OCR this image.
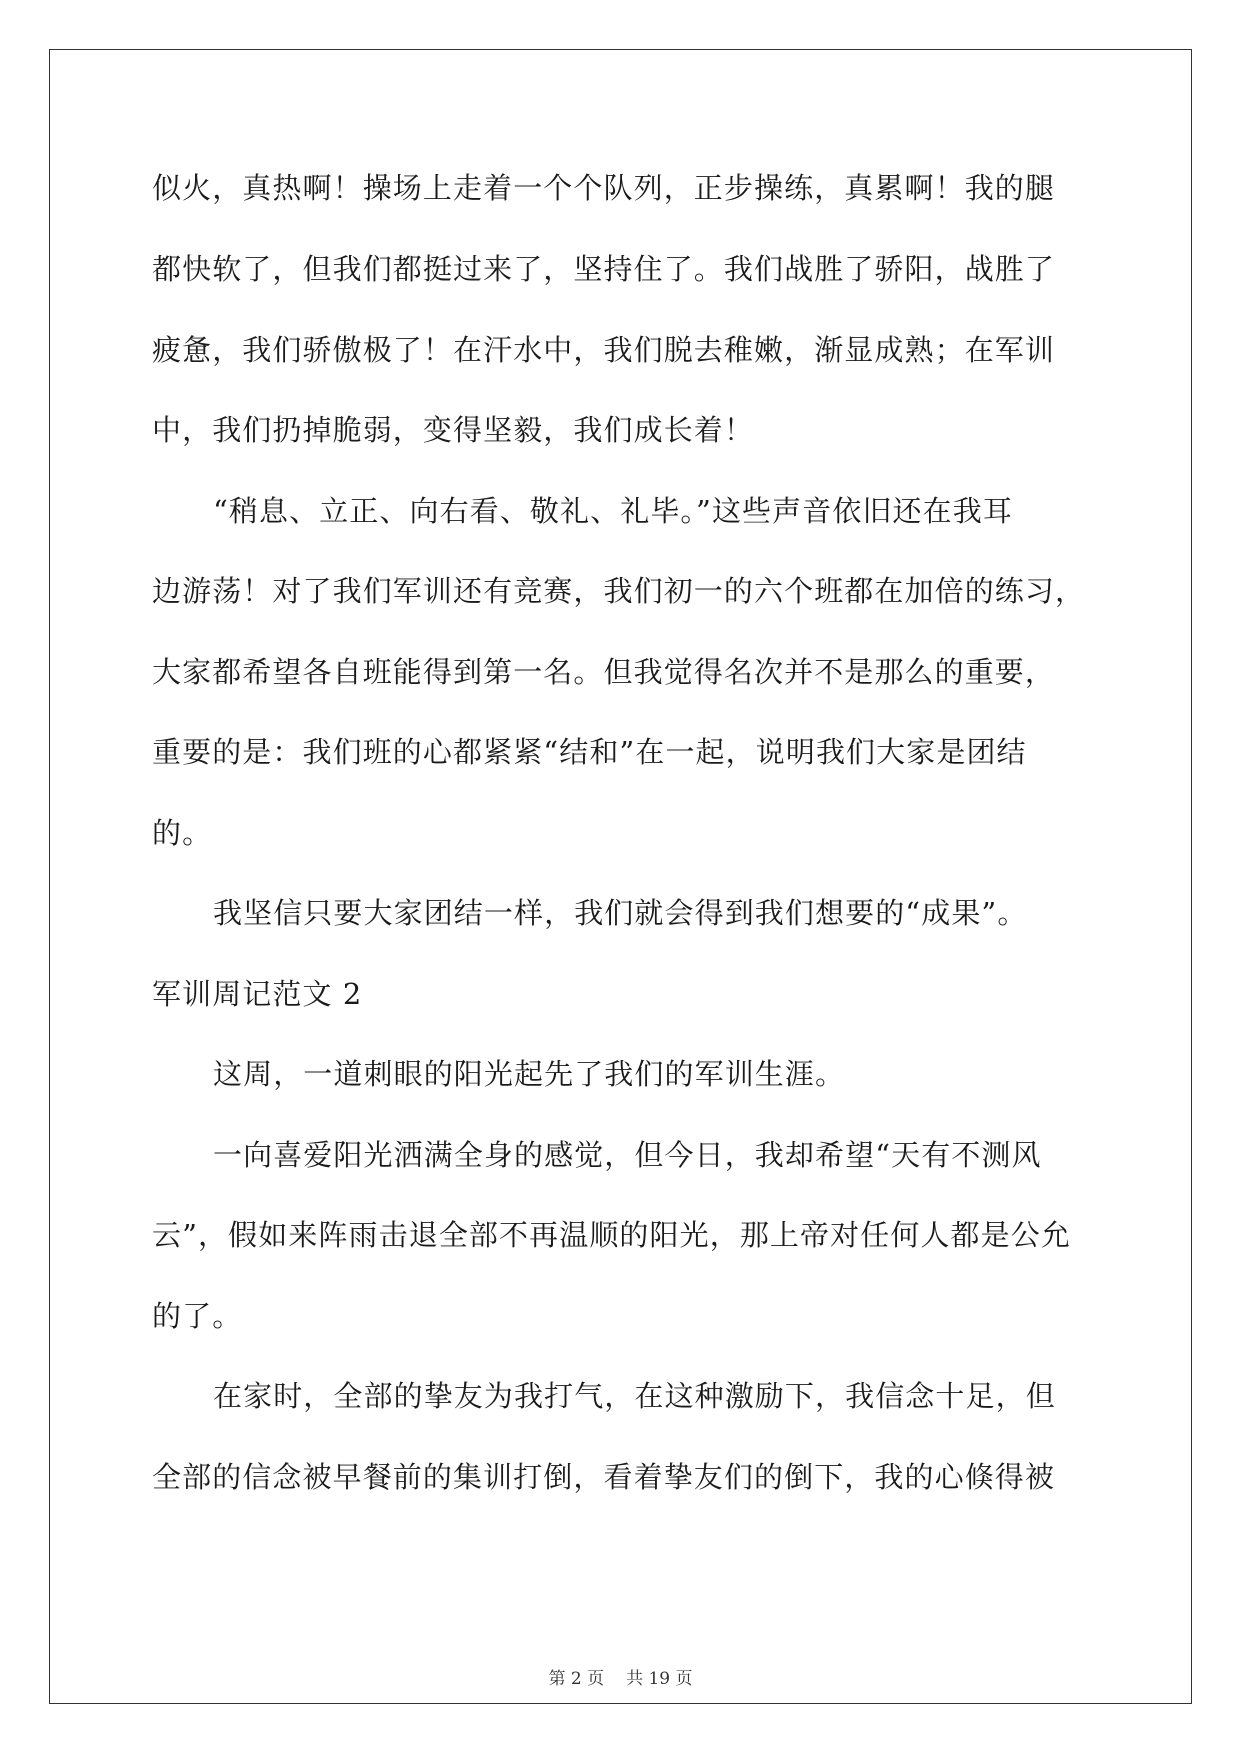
似火，真热啊！操场上走着一个个队列，正步操练，真累啊！我的腿
都快软了，但我们都挺过来了，坚持住了。我们战胜了骄阳，战胜了
疲惫，我们骄傲极了！在汗水中，我们脱去稚嫩，渐显成熟；在军训
中，我们扔掉脆弱，变得坚毅，我们成长着！
“稍息、立正、向右看、敬礼、礼毕。”这些声音依旧还在我耳
边游荡！对了我们军训还有竞赛，我们初一的六个班都在加倍的练习，
大家都希望各自班能得到第一名。但我觉得名次并不是那么的重要，
重要的是：我们班的心都紧紧“结和”在一起，说明我们大家是团结
的。
我坚信只要大家团结一样，我们就会得到我们想要的“成果”。
军训周记范文 2
这周，一道刺眼的阳光起先了我们的军训生涯。
一向喜爱阳光洒满全身的感觉，但今日，我却希望“天有不测风
云”，假如来阵雨击退全部不再温顺的阳光，那上帝对任何人都是公允
的了。
在家时，全部的挚友为我打气，在这种激励下，我信念十足，但
全部的信念被早餐前的集训打倒，看着挚友们的倒下，我的心倏得被
第 2 页 共 19 页
